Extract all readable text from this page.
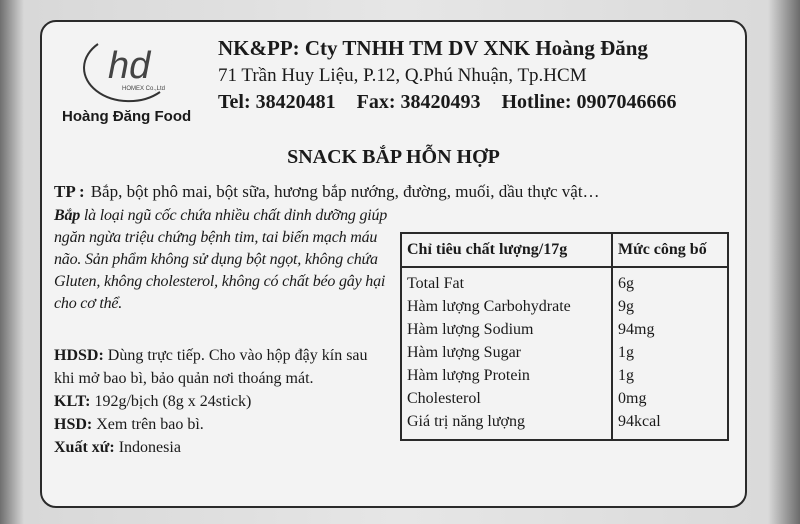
hd
HOMEX Co.,Ltd
Hoàng Đăng Food
NK&PP: Cty TNHH TM DV XNK Hoàng Đăng
71 Trần Huy Liệu, P.12, Q.Phú Nhuận, Tp.HCM
Tel: 38420481 Fax: 38420493 Hotline: 0907046666
SNACK BẮP HỖN HỢP
TP : Bắp, bột phô mai, bột sữa, hương bắp nướng, đường, muối, dầu thực vật…
Bắp là loại ngũ cốc chứa nhiều chất dinh dưỡng giúp ngăn ngừa triệu chứng bệnh tim, tai biến mạch máu não. Sản phẩm không sử dụng bột ngọt, không chứa Gluten, không cholesterol, không có chất béo gây hại cho cơ thể.
HDSD: Dùng trực tiếp. Cho vào hộp đậy kín sau khi mở bao bì, bảo quản nơi thoáng mát.
KLT: 192g/bịch (8g x 24stick)
HSD: Xem trên bao bì.
Xuất xứ: Indonesia
Chỉ tiêu chất lượng/17g	Mức công bố
Total Fat	6g
Hàm lượng Carbohydrate	9g
Hàm lượng Sodium	94mg
Hàm lượng Sugar	1g
Hàm lượng Protein	1g
Cholesterol	0mg
Giá trị năng lượng	94kcal
